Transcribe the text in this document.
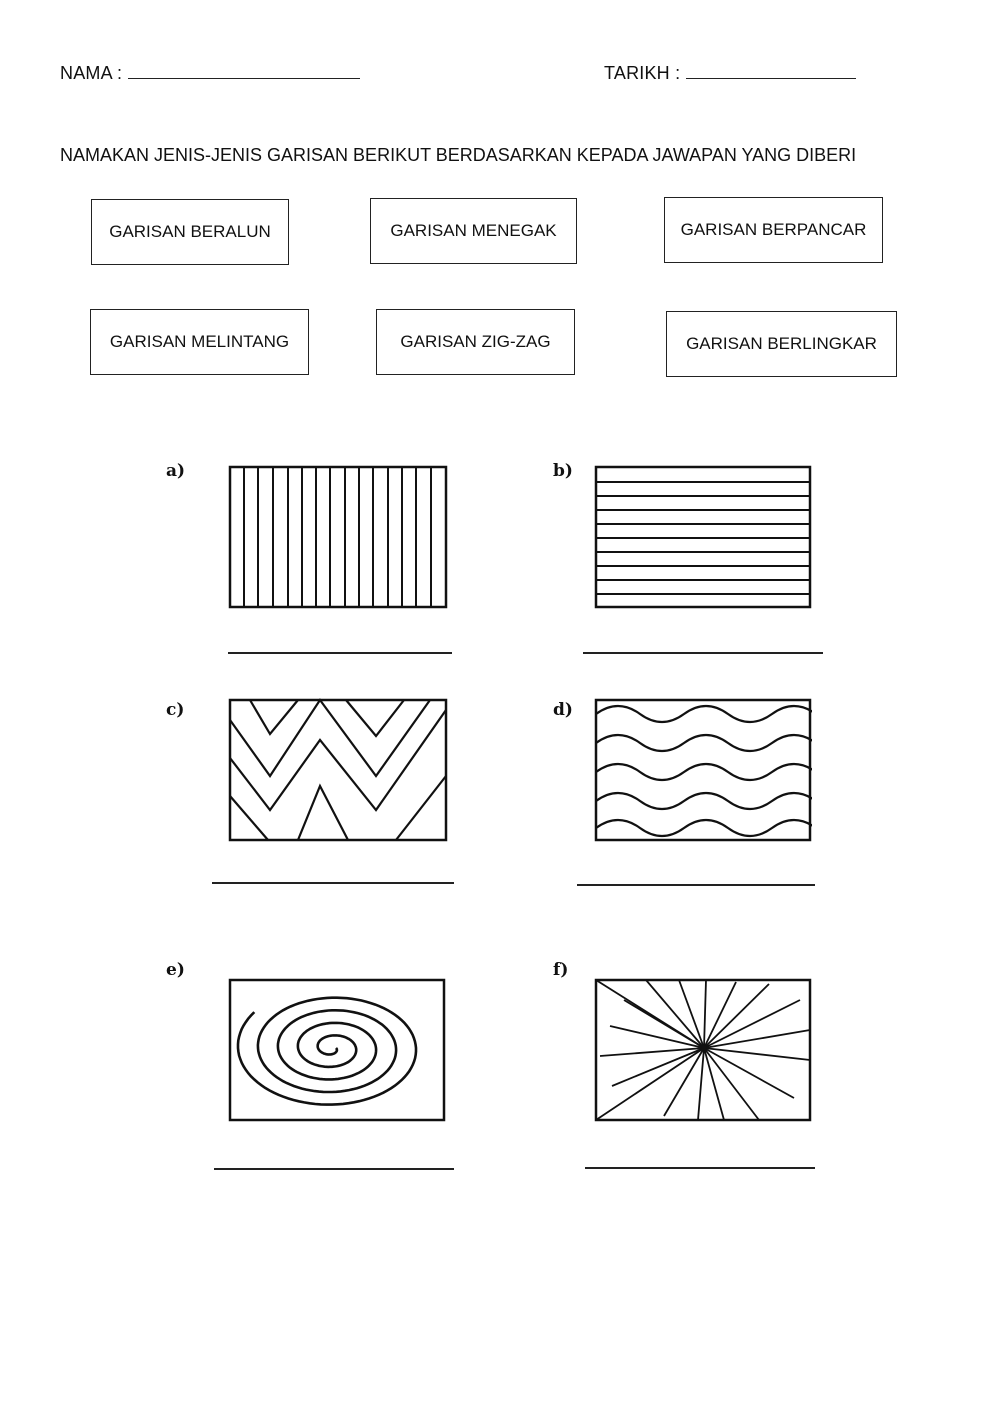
NAMA :	TARIKH :
NAMAKAN JENIS-JENIS GARISAN BERIKUT BERDASARKAN KEPADA JAWAPAN YANG DIBERI
GARISAN BERALUN	GARISAN MENEGAK	GARISAN BERPANCAR
GARISAN MELINTANG	GARISAN ZIG-ZAG	GARISAN BERLINGKAR
a)	b)
c)	d)
e)	f)
